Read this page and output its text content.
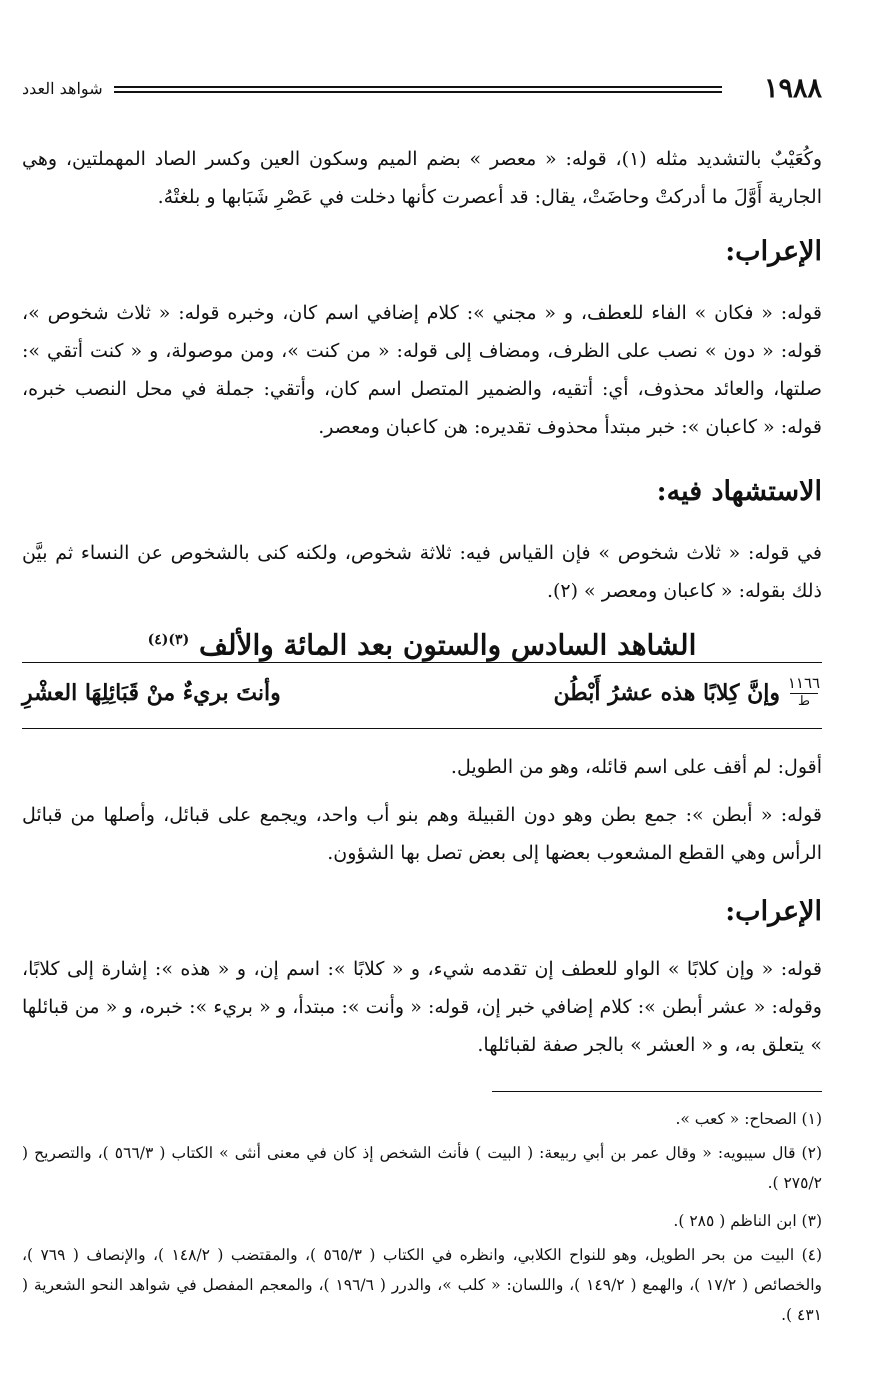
١٩٨٨
شواهد العدد

وكُعَيْبٌ بالتشديد مثله (١)، قوله: « معصر » بضم الميم وسكون العين وكسر الصاد المهملتين، وهي الجارية أَوَّلَ ما أدركتْ وحاضَتْ، يقال: قد أعصرت كأنها دخلت في عَصْرِ شَبَابها و بلغتْهُ.

الإعراب:

قوله: « فكان » الفاء للعطف، و « مجني »: كلام إضافي اسم كان، وخبره قوله: « ثلاث شخوص »، قوله: « دون » نصب على الظرف، ومضاف إلى قوله: « من كنت »، ومن موصولة، و « كنت أتقي »: صلتها، والعائد محذوف، أي: أتقيه، والضمير المتصل اسم كان، وأتقي: جملة في محل النصب خبره، قوله: « كاعبان »: خبر مبتدأ محذوف تقديره: هن كاعبان ومعصر.

الاستشهاد فيه:

في قوله: « ثلاث شخوص » فإن القياس فيه: ثلاثة شخوص، ولكنه كنى بالشخوص عن النساء ثم بيَّن ذلك بقوله: « كاعبان ومعصر » (٢).

الشاهد السادس والستون بعد المائة والألف $^{(٣)(٤)}$
١١٦٦
ط
وإنَّ كِلابًا هذه عشرُ أَبْطُن
وأنتَ بريءٌ منْ قَبَائِلِهَا العشْرِ

أقول: لم أقف على اسم قائله، وهو من الطويل.

قوله: « أبطن »: جمع بطن وهو دون القبيلة وهم بنو أب واحد، ويجمع على قبائل، وأصلها من قبائل الرأس وهي القطع المشعوب بعضها إلى بعض تصل بها الشؤون.

الإعراب:

قوله: « وإن كلابًا » الواو للعطف إن تقدمه شيء، و « كلابًا »: اسم إن، و « هذه »: إشارة إلى كلابًا، وقوله: « عشر أبطن »: كلام إضافي خبر إن، قوله: « وأنت »: مبتدأ، و « بريء »: خبره، و « من قبائلها » يتعلق به، و « العشر » بالجر صفة لقبائلها.

(١) الصحاح: « كعب ».

(٢) قال سيبويه: « وقال عمر بن أبي ربيعة: ( البيت ) فأنث الشخص إذ كان في معنى أنثى » الكتاب ( ٥٦٦/٣ )، والتصريح ( ٢٧٥/٢ ).

(٣) ابن الناظم ( ٢٨٥ ).

(٤) البيت من بحر الطويل، وهو للنواح الكلابي، وانظره في الكتاب ( ٥٦٥/٣ )، والمقتضب ( ١٤٨/٢ )، والإنصاف ( ٧٦٩ )، والخصائص ( ١٧/٢ )، والهمع ( ١٤٩/٢ )، واللسان: « كلب »، والدرر ( ١٩٦/٦ )، والمعجم المفصل في شواهد النحو الشعرية ( ٤٣١ ).
